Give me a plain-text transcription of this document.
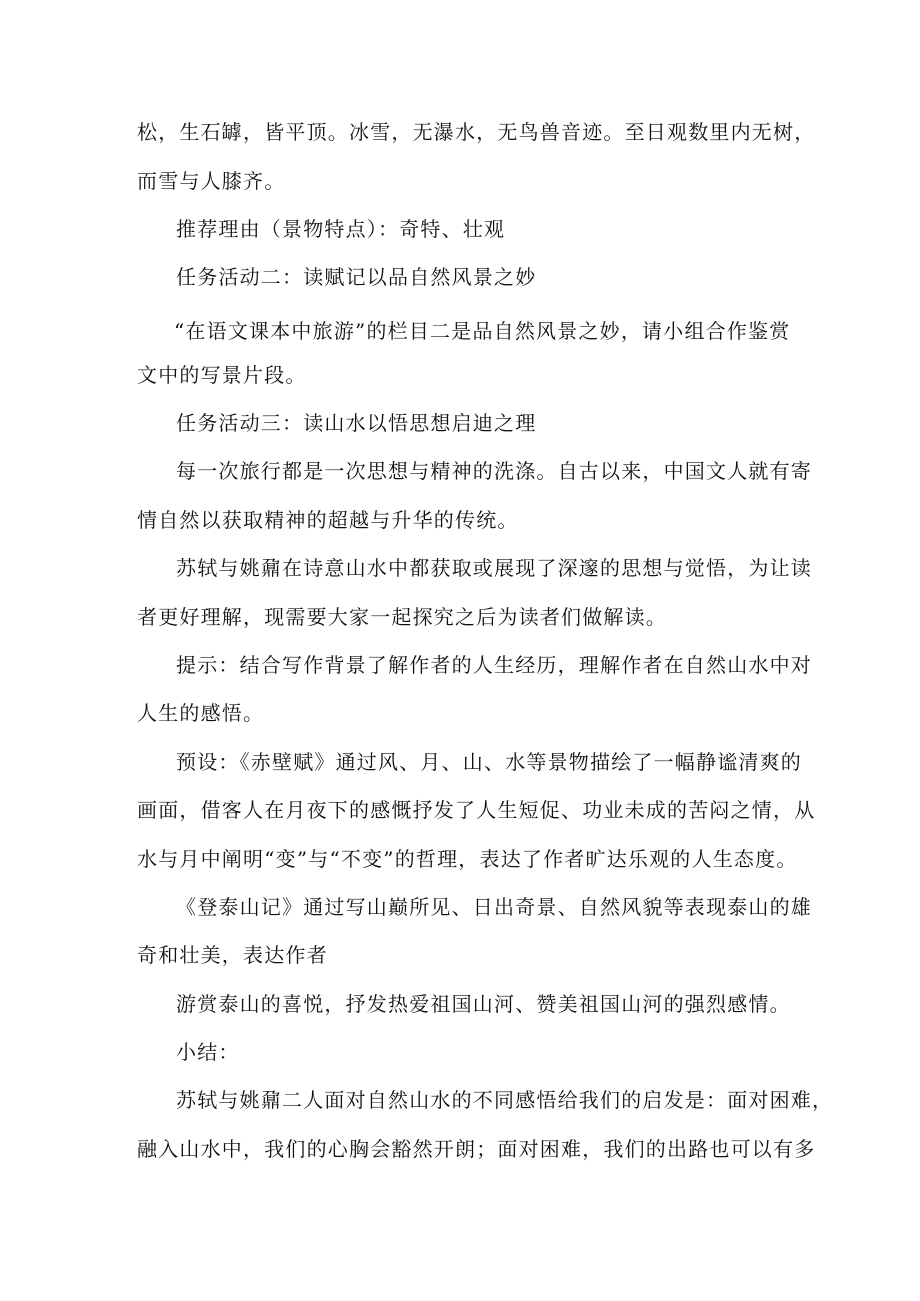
松，生石罅，皆平顶。冰雪，无瀑水，无鸟兽音迹。至日观数里内无树，
而雪与人膝齐。
推荐理由（景物特点）：奇特、壮观
任务活动二：读赋记以品自然风景之妙
“在语文课本中旅游”的栏目二是品自然风景之妙，请小组合作鉴赏
文中的写景片段。
任务活动三：读山水以悟思想启迪之理
每一次旅行都是一次思想与精神的洗涤。自古以来，中国文人就有寄
情自然以获取精神的超越与升华的传统。
苏轼与姚鼐在诗意山水中都获取或展现了深邃的思想与觉悟，为让读
者更好理解，现需要大家一起探究之后为读者们做解读。
提示：结合写作背景了解作者的人生经历，理解作者在自然山水中对
人生的感悟。
预设：《赤壁赋》通过风、月、山、水等景物描绘了一幅静谧清爽的
画面，借客人在月夜下的感慨抒发了人生短促、功业未成的苦闷之情，从
水与月中阐明“变”与“不变”的哲理，表达了作者旷达乐观的人生态度。
《登泰山记》通过写山巅所见、日出奇景、自然风貌等表现泰山的雄
奇和壮美，表达作者
游赏泰山的喜悦，抒发热爱祖国山河、赞美祖国山河的强烈感情。
小结：
苏轼与姚鼐二人面对自然山水的不同感悟给我们的启发是：面对困难，
融入山水中，我们的心胸会豁然开朗；面对困难，我们的出路也可以有多
